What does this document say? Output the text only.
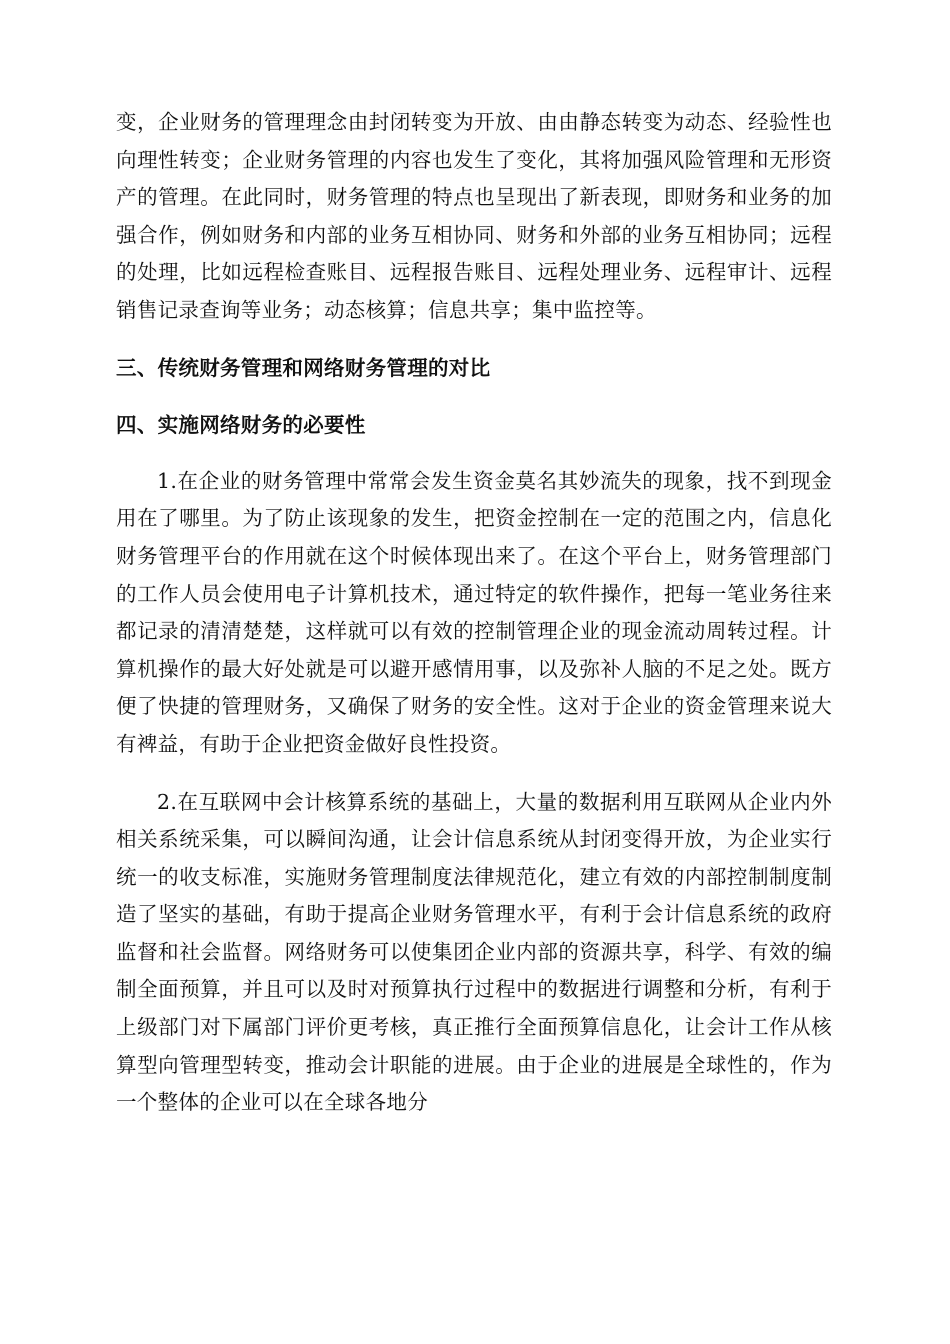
变，企业财务的管理理念由封闭转变为开放、由由静态转变为动态、经验性也向理性转变；企业财务管理的内容也发生了变化，其将加强风险管理和无形资产的管理。在此同时，财务管理的特点也呈现出了新表现，即财务和业务的加强合作，例如财务和内部的业务互相协同、财务和外部的业务互相协同；远程的处理，比如远程检查账目、远程报告账目、远程处理业务、远程审计、远程销售记录查询等业务；动态核算；信息共享；集中监控等。

三、传统财务管理和网络财务管理的对比
四、实施网络财务的必要性

1.在企业的财务管理中常常会发生资金莫名其妙流失的现象，找不到现金用在了哪里。为了防止该现象的发生，把资金控制在一定的范围之内，信息化财务管理平台的作用就在这个时候体现出来了。在这个平台上，财务管理部门的工作人员会使用电子计算机技术，通过特定的软件操作，把每一笔业务往来都记录的清清楚楚，这样就可以有效的控制管理企业的现金流动周转过程。计算机操作的最大好处就是可以避开感情用事，以及弥补人脑的不足之处。既方便了快捷的管理财务，又确保了财务的安全性。这对于企业的资金管理来说大有裨益，有助于企业把资金做好良性投资。

2.在互联网中会计核算系统的基础上，大量的数据利用互联网从企业内外相关系统采集，可以瞬间沟通，让会计信息系统从封闭变得开放，为企业实行统一的收支标准，实施财务管理制度法律规范化，建立有效的内部控制制度制造了坚实的基础，有助于提高企业财务管理水平，有利于会计信息系统的政府监督和社会监督。网络财务可以使集团企业内部的资源共享，科学、有效的编制全面预算，并且可以及时对预算执行过程中的数据进行调整和分析，有利于上级部门对下属部门评价更考核，真正推行全面预算信息化，让会计工作从核算型向管理型转变，推动会计职能的进展。由于企业的进展是全球性的，作为一个整体的企业可以在全球各地分
